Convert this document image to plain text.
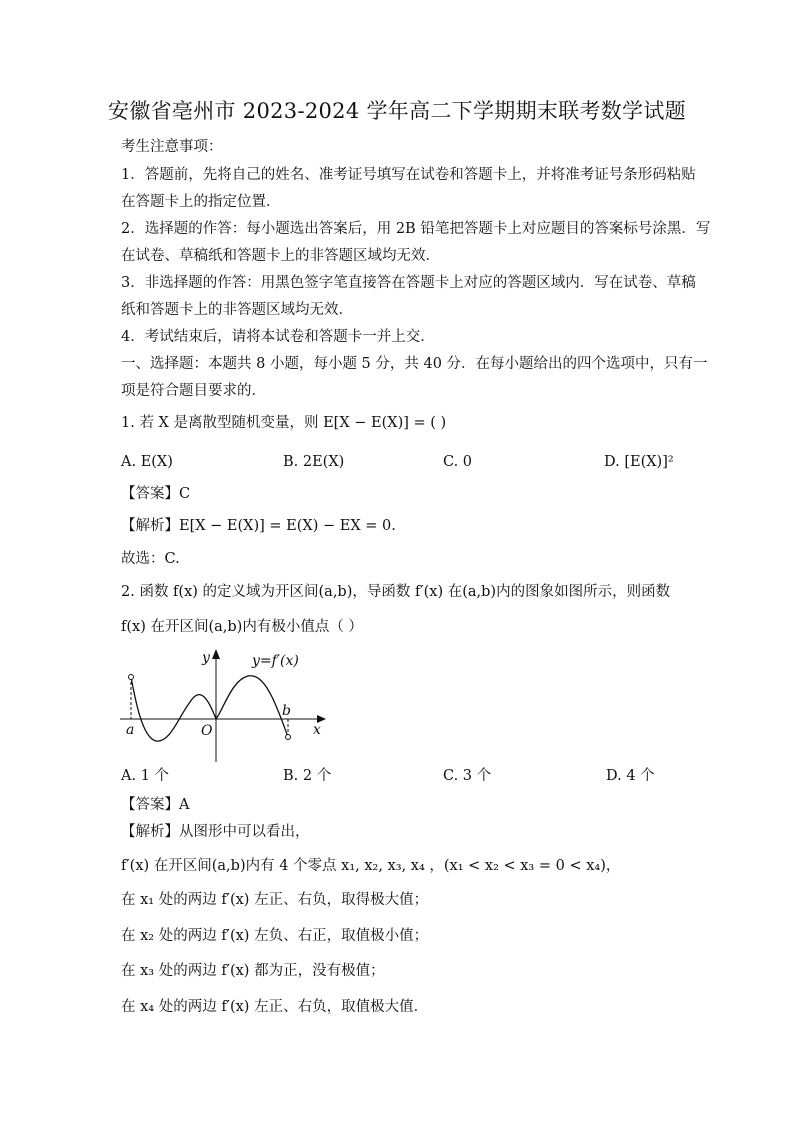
安徽省亳州市 2023-2024 学年高二下学期期末联考数学试题
考生注意事项：
1．答题前，先将自己的姓名、准考证号填写在试卷和答题卡上，并将准考证号条形码粘贴
在答题卡上的指定位置．
2．选择题的作答：每小题选出答案后，用 2B 铅笔把答题卡上对应题目的答案标号涂黑．写
在试卷、草稿纸和答题卡上的非答题区域均无效．
3．非选择题的作答：用黑色签字笔直接答在答题卡上对应的答题区域内．写在试卷、草稿
纸和答题卡上的非答题区域均无效．
4．考试结束后，请将本试卷和答题卡一并上交．
一、选择题：本题共 8 小题，每小题 5 分，共 40 分．在每小题给出的四个选项中，只有一
项是符合题目要求的．
1. 若 X 是离散型随机变量，则 E[X − E(X)] = ( )
A. E(X)	B. 2E(X)	C. 0	D. [E(X)]²
【答案】C
【解析】E[X − E(X)] = E(X) − EX = 0.
故选：C.
2. 函数 f(x) 的定义域为开区间(a,b)，导函数 f′(x) 在(a,b)内的图象如图所示，则函数
f(x) 在开区间(a,b)内有极小值点（ ）
y	y=f′(x)
x
O
a
b
A. 1 个	B. 2 个	C. 3 个	D. 4 个
【答案】A
【解析】从图形中可以看出，
f′(x) 在开区间(a,b)内有 4 个零点 x₁, x₂, x₃, x₄ ，(x₁ < x₂ < x₃ = 0 < x₄)，
在 x₁ 处的两边 f′(x) 左正、右负，取得极大值；
在 x₂ 处的两边 f′(x) 左负、右正，取值极小值；
在 x₃ 处的两边 f′(x) 都为正，没有极值；
在 x₄ 处的两边 f′(x) 左正、右负，取值极大值．
